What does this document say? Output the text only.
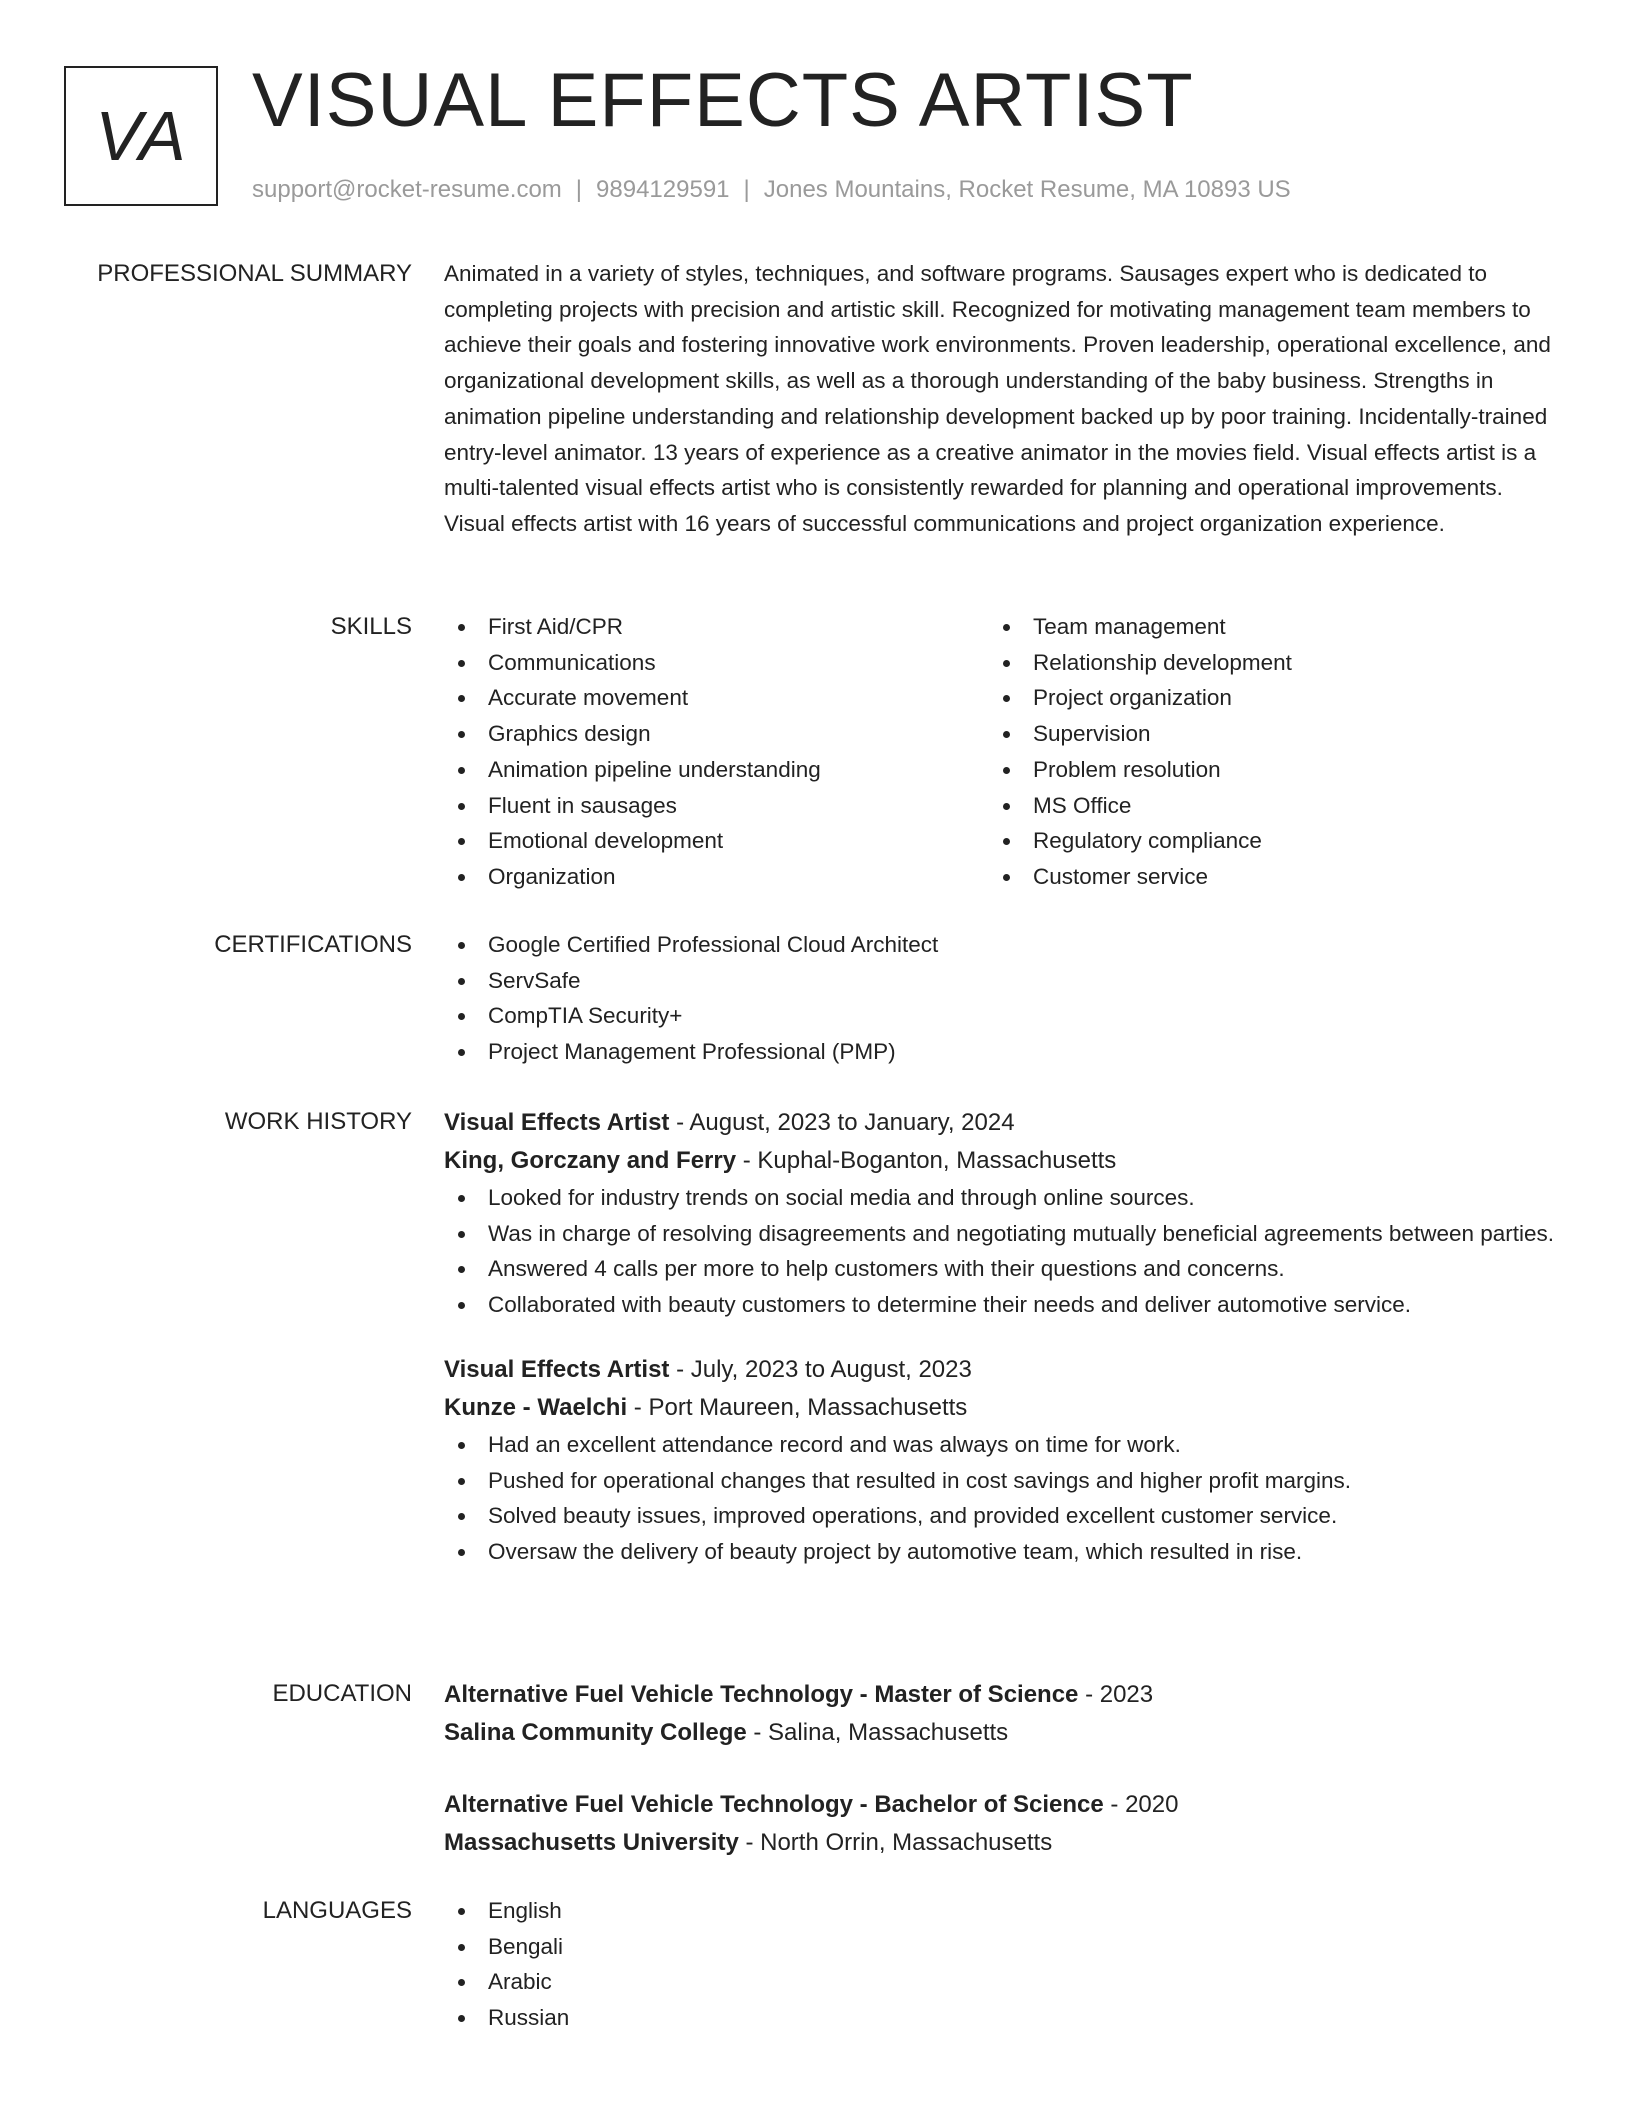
VA VISUAL EFFECTS ARTIST
support@rocket-resume.com | 9894129591 | Jones Mountains, Rocket Resume, MA 10893 US
PROFESSIONAL SUMMARY Animated in a variety of styles, techniques, and software programs. Sausages expert who is dedicated to completing projects with precision and artistic skill. Recognized for motivating management team members to achieve their goals and fostering innovative work environments. Proven leadership, operational excellence, and organizational development skills, as well as a thorough understanding of the baby business. Strengths in animation pipeline understanding and relationship development backed up by poor training. Incidentally-trained entry-level animator. 13 years of experience as a creative animator in the movies field. Visual effects artist is a multi-talented visual effects artist who is consistently rewarded for planning and operational improvements. Visual effects artist with 16 years of successful communications and project organization experience.

SKILLS	First Aid/CPR
Communications
Accurate movement
Graphics design
Animation pipeline understanding
Fluent in sausages
Emotional development
Organization
Team management
Relationship development
Project organization
Supervision
Problem resolution
MS Office
Regulatory compliance
Customer service
CERTIFICATIONS	Google Certified Professional Cloud Architect
ServSafe
CompTIA Security+
Project Management Professional (PMP)
WORK HISTORY Visual Effects Artist - August, 2023 to January, 2024
King, Gorczany and Ferry - Kuphal-Boganton, Massachusetts
Looked for industry trends on social media and through online sources.
Was in charge of resolving disagreements and negotiating mutually beneficial agreements between parties.
Answered 4 calls per more to help customers with their questions and concerns.
Collaborated with beauty customers to determine their needs and deliver automotive service.
Visual Effects Artist - July, 2023 to August, 2023
Kunze - Waelchi - Port Maureen, Massachusetts
Had an excellent attendance record and was always on time for work.
Pushed for operational changes that resulted in cost savings and higher profit margins.
Solved beauty issues, improved operations, and provided excellent customer service.
Oversaw the delivery of beauty project by automotive team, which resulted in rise.
EDUCATION Alternative Fuel Vehicle Technology - Master of Science - 2023
Salina Community College - Salina, Massachusetts
Alternative Fuel Vehicle Technology - Bachelor of Science - 2020
Massachusetts University - North Orrin, Massachusetts
LANGUAGES	English
Bengali
Arabic
Russian
